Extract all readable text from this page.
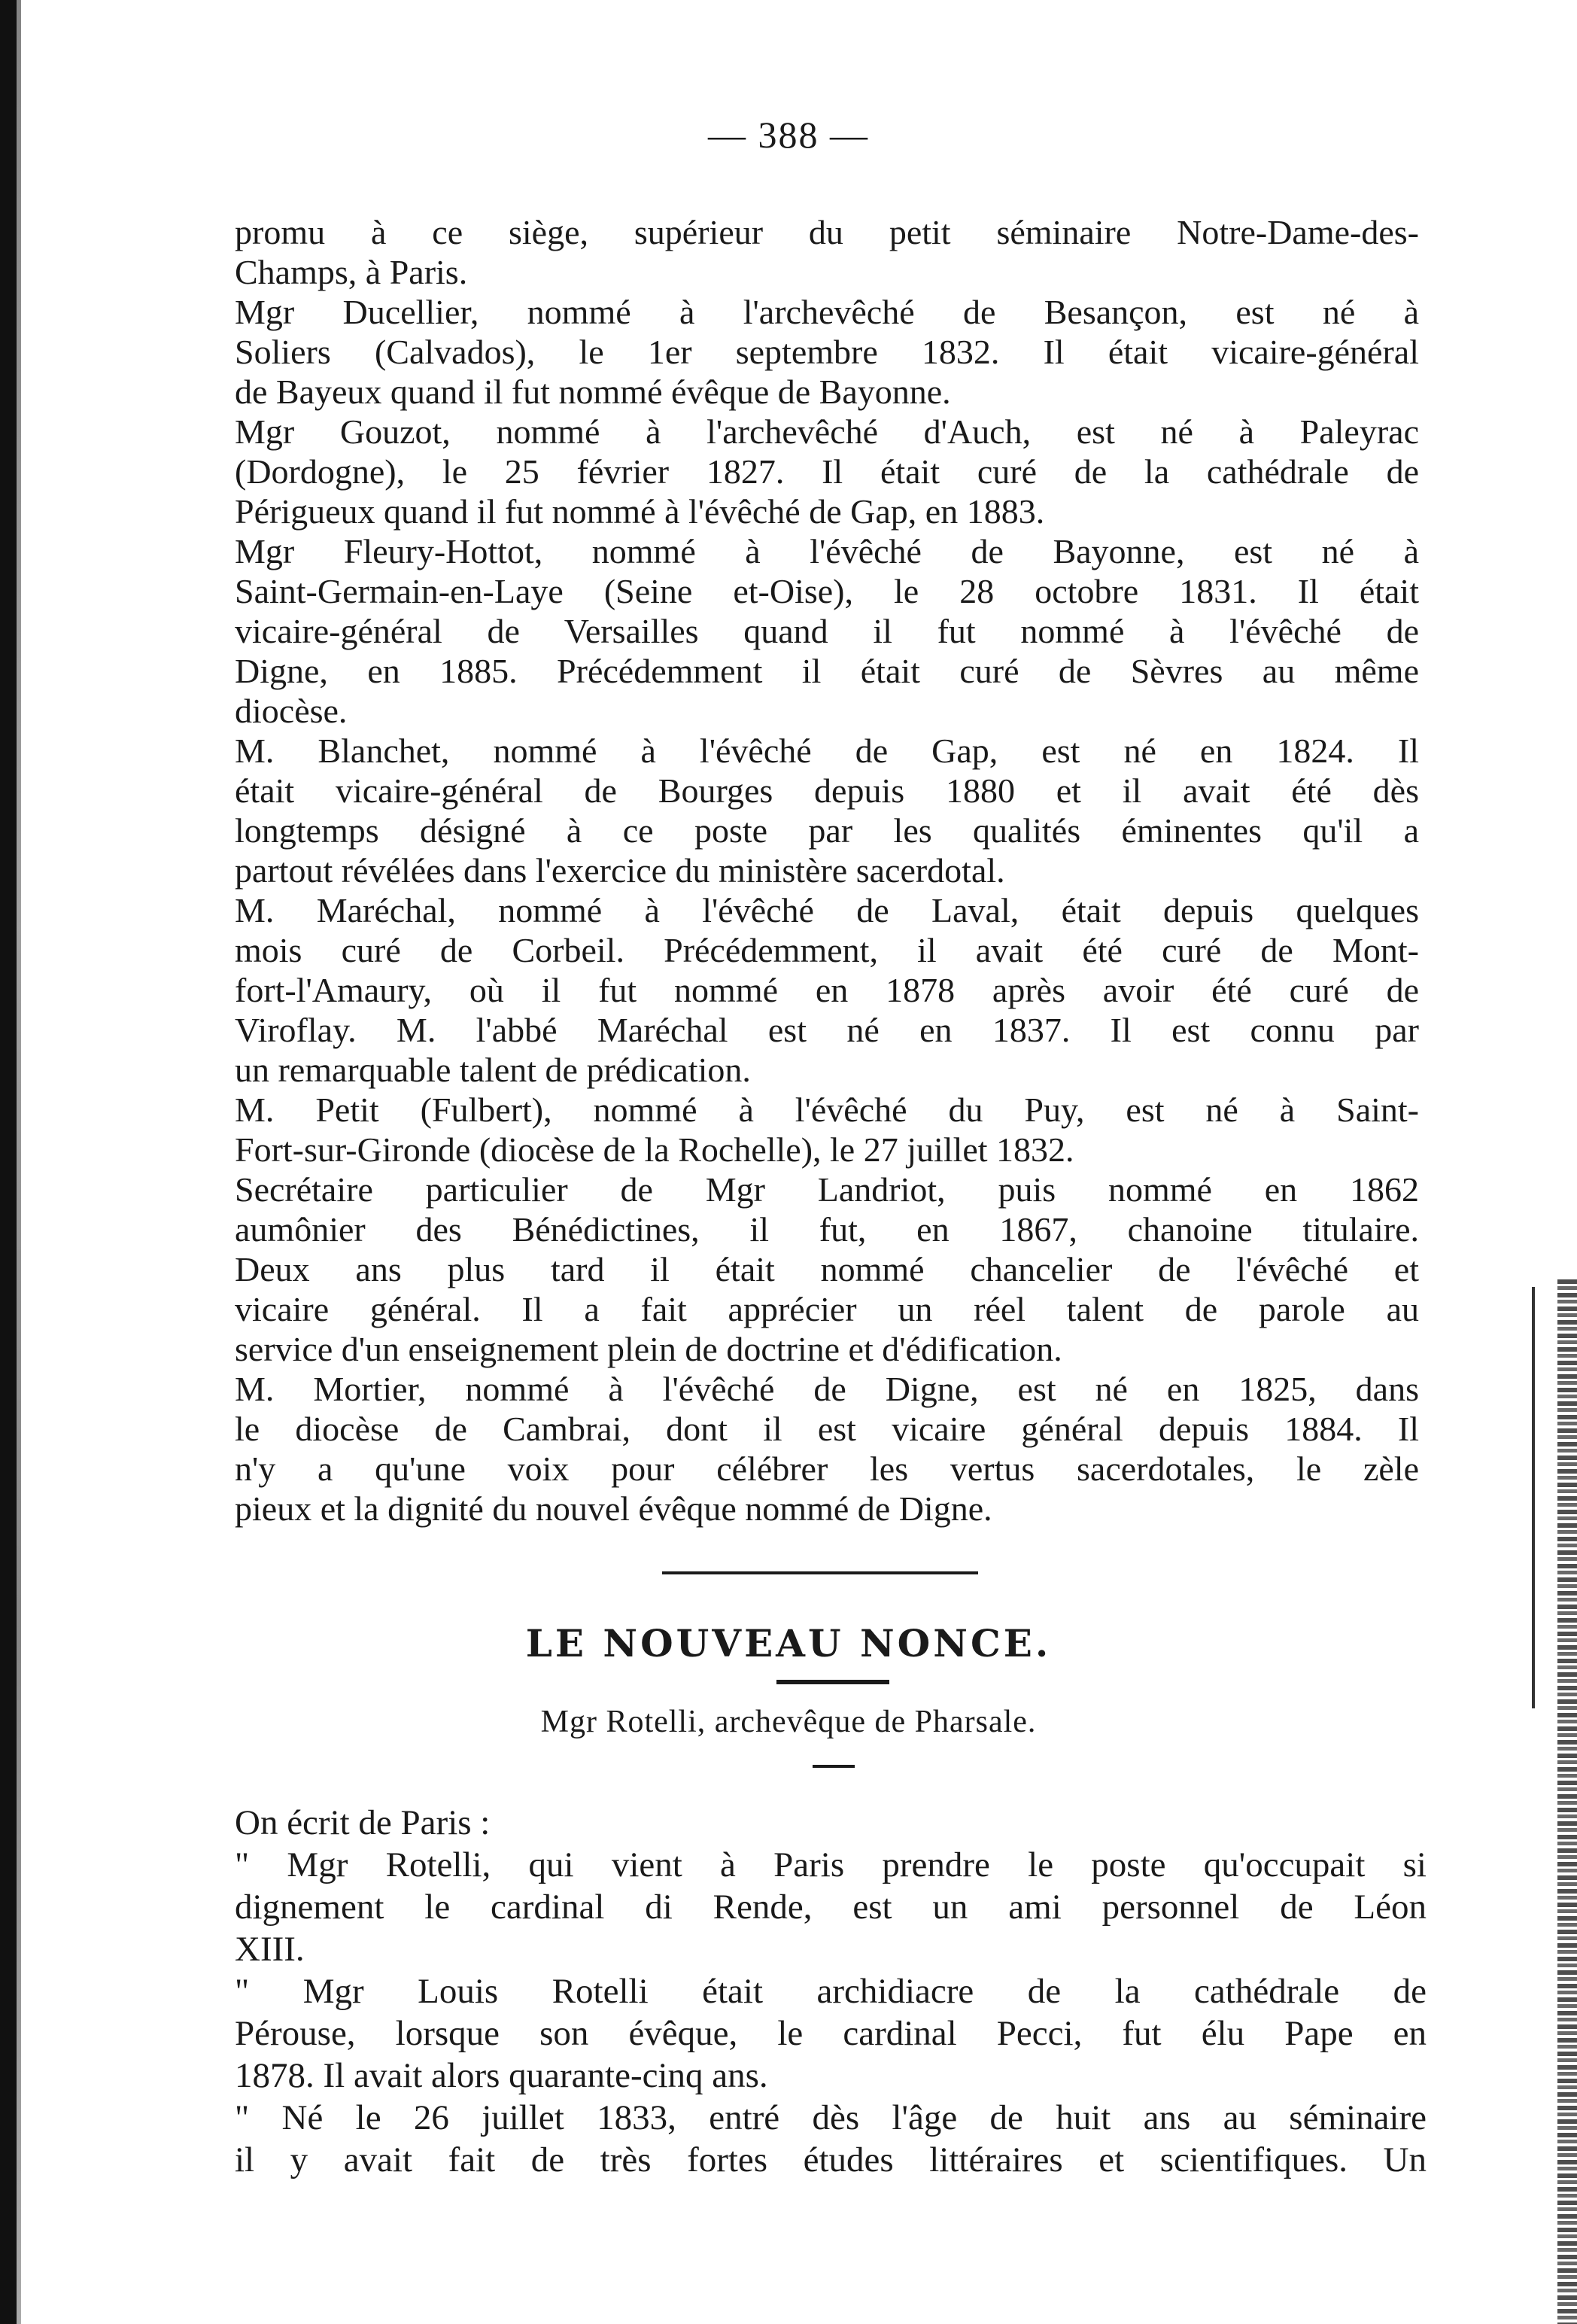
— 388 —
promu à ce siège, supérieur du petit séminaire Notre-Dame-des-
Champs, à Paris.
Mgr Ducellier, nommé à l'archevêché de Besançon, est né à
Soliers (Calvados), le 1er septembre 1832. Il était vicaire-général
de Bayeux quand il fut nommé évêque de Bayonne.
Mgr Gouzot, nommé à l'archevêché d'Auch, est né à Paleyrac
(Dordogne), le 25 février 1827. Il était curé de la cathédrale de
Périgueux quand il fut nommé à l'évêché de Gap, en 1883.
Mgr Fleury-Hottot, nommé à l'évêché de Bayonne, est né à
Saint-Germain-en-Laye (Seine et-Oise), le 28 octobre 1831. Il était
vicaire-général de Versailles quand il fut nommé à l'évêché de
Digne, en 1885. Précédemment il était curé de Sèvres au même
diocèse.
M. Blanchet, nommé à l'évêché de Gap, est né en 1824. Il
était vicaire-général de Bourges depuis 1880 et il avait été dès
longtemps désigné à ce poste par les qualités éminentes qu'il a
partout révélées dans l'exercice du ministère sacerdotal.
M. Maréchal, nommé à l'évêché de Laval, était depuis quelques
mois curé de Corbeil. Précédemment, il avait été curé de Mont-
fort-l'Amaury, où il fut nommé en 1878 après avoir été curé de
Viroflay. M. l'abbé Maréchal est né en 1837. Il est connu par
un remarquable talent de prédication.
M. Petit (Fulbert), nommé à l'évêché du Puy, est né à Saint-
Fort-sur-Gironde (diocèse de la Rochelle), le 27 juillet 1832.
Secrétaire particulier de Mgr Landriot, puis nommé en 1862
aumônier des Bénédictines, il fut, en 1867, chanoine titulaire.
Deux ans plus tard il était nommé chancelier de l'évêché et
vicaire général. Il a fait apprécier un réel talent de parole au
service d'un enseignement plein de doctrine et d'édification.
M. Mortier, nommé à l'évêché de Digne, est né en 1825, dans
le diocèse de Cambrai, dont il est vicaire général depuis 1884. Il
n'y a qu'une voix pour célébrer les vertus sacerdotales, le zèle
pieux et la dignité du nouvel évêque nommé de Digne.
LE NOUVEAU NONCE.
Mgr Rotelli, archevêque de Pharsale.
On écrit de Paris :
" Mgr Rotelli, qui vient à Paris prendre le poste qu'occupait si
dignement le cardinal di Rende, est un ami personnel de Léon
XIII.
" Mgr Louis Rotelli était archidiacre de la cathédrale de
Pérouse, lorsque son évêque, le cardinal Pecci, fut élu Pape en
1878. Il avait alors quarante-cinq ans.
" Né le 26 juillet 1833, entré dès l'âge de huit ans au séminaire
il y avait fait de très fortes études littéraires et scientifiques. Un
